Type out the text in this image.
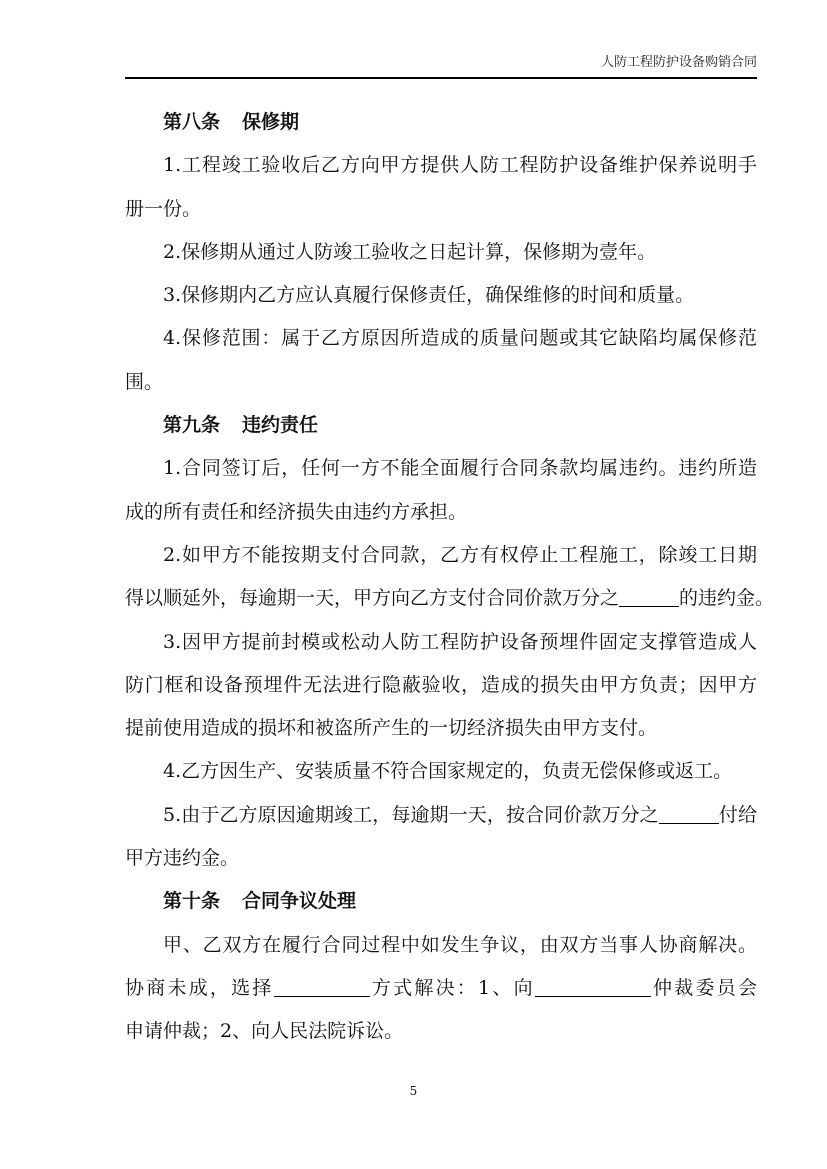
人防工程防护设备购销合同
第八条 保修期
1.工程竣工验收后乙方向甲方提供人防工程防护设备维护保养说明手
册一份。
2.保修期从通过人防竣工验收之日起计算，保修期为壹年。
3.保修期内乙方应认真履行保修责任，确保维修的时间和质量。
4.保修范围：属于乙方原因所造成的质量问题或其它缺陷均属保修范
围。
第九条 违约责任
1.合同签订后，任何一方不能全面履行合同条款均属违约。违约所造
成的所有责任和经济损失由违约方承担。
2.如甲方不能按期支付合同款，乙方有权停止工程施工，除竣工日期
得以顺延外，每逾期一天，甲方向乙方支付合同价款万分之	的违约金。
3.因甲方提前封模或松动人防工程防护设备预埋件固定支撑管造成人
防门框和设备预埋件无法进行隐蔽验收，造成的损失由甲方负责；因甲方
提前使用造成的损坏和被盗所产生的一切经济损失由甲方支付。
4.乙方因生产、安装质量不符合国家规定的，负责无偿保修或返工。
5.由于乙方原因逾期竣工，每逾期一天，按合同价款万分之	付给
甲方违约金。
第十条 合同争议处理
甲、乙双方在履行合同过程中如发生争议，由双方当事人协商解决。
协商未成，选择	方式解决：1、向	仲裁委员会
申请仲裁；2、向人民法院诉讼。
5
